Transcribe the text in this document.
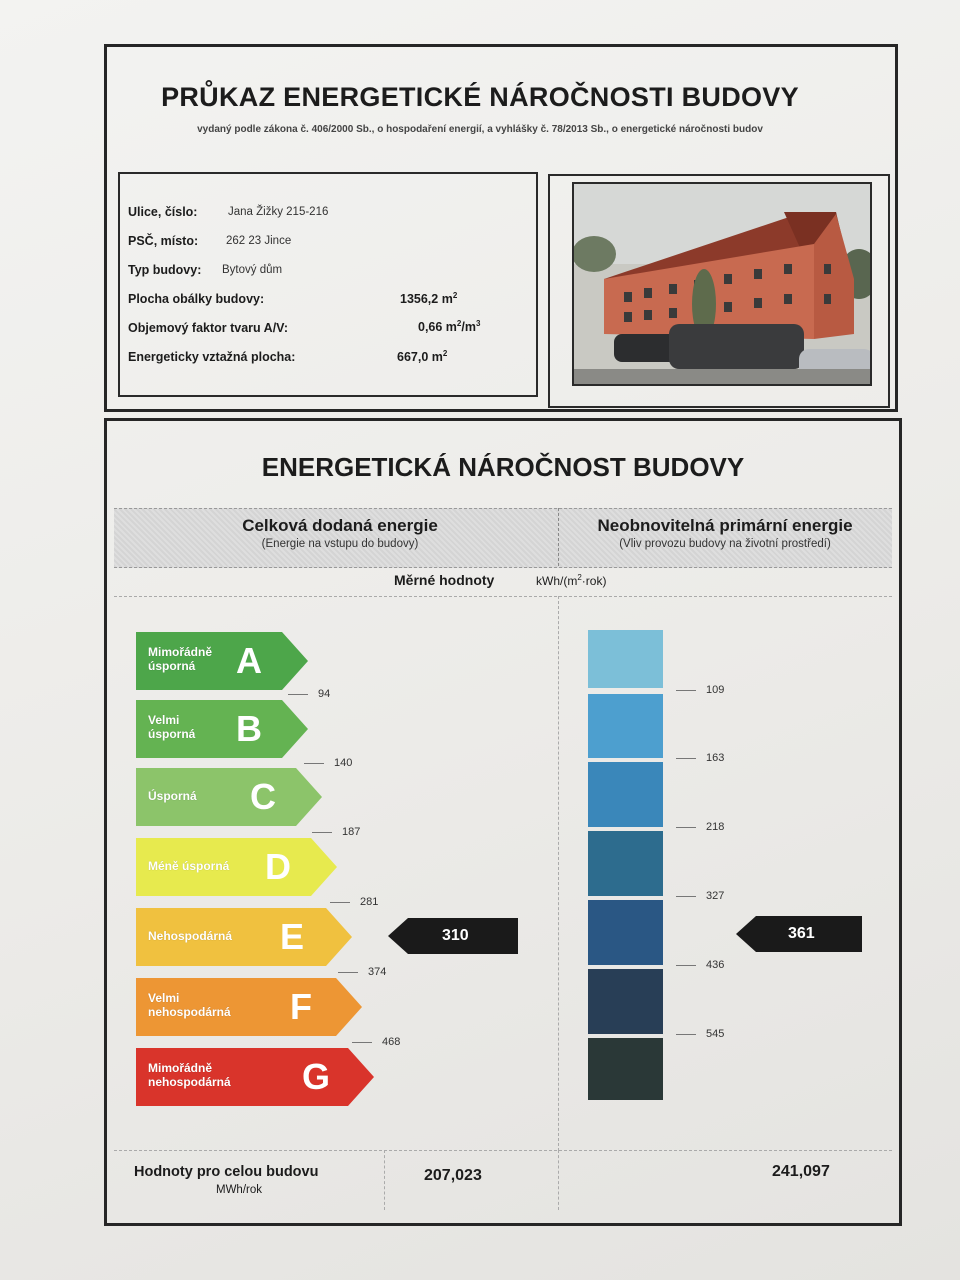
PRŮKAZ ENERGETICKÉ NÁROČNOSTI BUDOVY
vydaný podle zákona č. 406/2000 Sb., o hospodaření energií, a vyhlášky č. 78/2013 Sb., o energetické náročnosti budov
Ulice, číslo:	Jana Žižky 215-216
PSČ, místo: 262 23 Jince
Typ budovy: Bytový dům
Plocha obálky budovy:	1356,2 $m^2$
Objemový faktor tvaru A/V:	0,66 $m^2/m^3$
Energeticky vztažná plocha:	667,0 $m^2$
ENERGETICKÁ NÁROČNOST BUDOVY
Celková dodaná energie
(Energie na vstupu do budovy)
Neobnovitelná primární energie
(Vliv provozu budovy na životní prostředí)
Měrné hodnoty	kWh/$(m^2\cdot rok)$
Mimořádně
úsporná	A
Velmi
úsporná B
Úsporná C
Méně úsporná D
Nehospodárná E
Velmi
nehospodárná F
Mimořádně
nehospodárná G
94
140
187
281
374
468
109
163
218
327
436
545
310	361
Hodnoty pro celou budovu
MWh/rok
207,023	241,097
